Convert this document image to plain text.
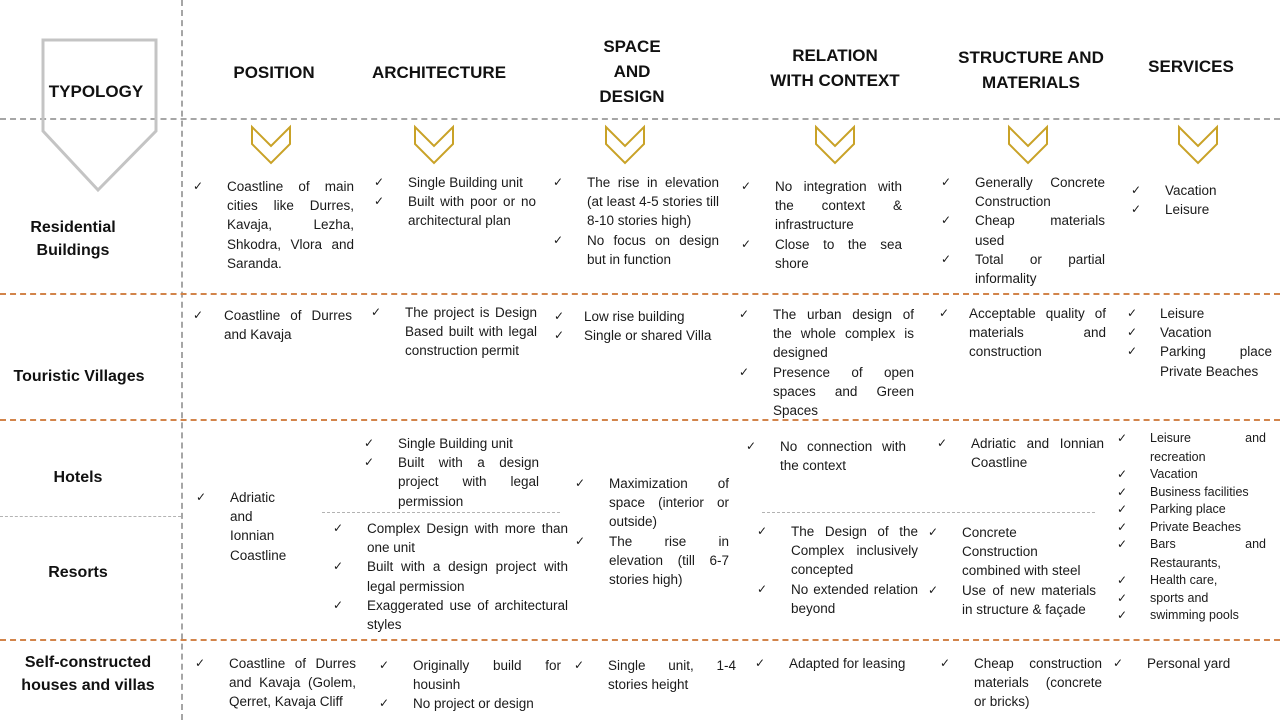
TYPOLOGY
POSITION	ARCHITECTURE
SPACE
AND
DESIGN
RELATION
WITH CONTEXT
STRUCTURE AND
MATERIALS
SERVICES
Residential
Buildings
Touristic Villages
Hotels
Resorts
Self-constructed
houses and villas
✓ Coastline of main cities like Durres, Kavaja, Lezha, Shkodra, Vlora and Saranda.
✓ Single Building unit
✓ Built with poor or no architectural plan
✓ The rise in elevation (at least 4-5 stories till 8-10 stories high)
✓ No focus on design but in function
✓ No integration with the context & infrastructure
✓ Close to the sea shore
✓ Generally Concrete Construction
✓ Cheap materials used
✓ Total or partial informality
✓ Vacation
✓ Leisure
✓ Coastline of Durres and Kavaja
✓ The project is Design Based built with legal construction permit
✓ Low rise building
✓ Single or shared Villa
✓ The urban design of the whole complex is designed
✓ Presence of open spaces and Green Spaces
✓ Acceptable quality of materials and construction
✓ Leisure
✓ Vacation
✓ Parking place Private Beaches
✓ Single Building unit
✓ Built with a design project with legal permission
✓ No connection with the context
✓ Adriatic and Ionnian Coastline
✓ Adriatic and Ionnian Coastline
✓ Maximization of space (interior or outside)
✓ The rise in elevation (till 6-7 stories high)
✓ Leisure and recreation
✓ Vacation
✓ Business facilities
✓ Parking place
✓ Private Beaches
✓ Bars and Restaurants,
✓ Health care,
✓ sports and
✓ swimming pools
✓ Complex Design with more than one unit
✓ Built with a design project with legal permission
✓ Exaggerated use of architectural styles
✓ The Design of the Complex inclusively concepted
✓ No extended relation beyond
✓ Concrete Construction combined with steel
✓ Use of new materials in structure & façade
✓ Coastline of Durres and Kavaja (Golem, Qerret, Kavaja Cliff
✓ Originally build for housinh
✓ No project or design
✓ Single unit, 1-4 stories height
✓ Adapted for leasing	✓ Cheap construction materials (concrete or bricks)
✓ Personal yard
